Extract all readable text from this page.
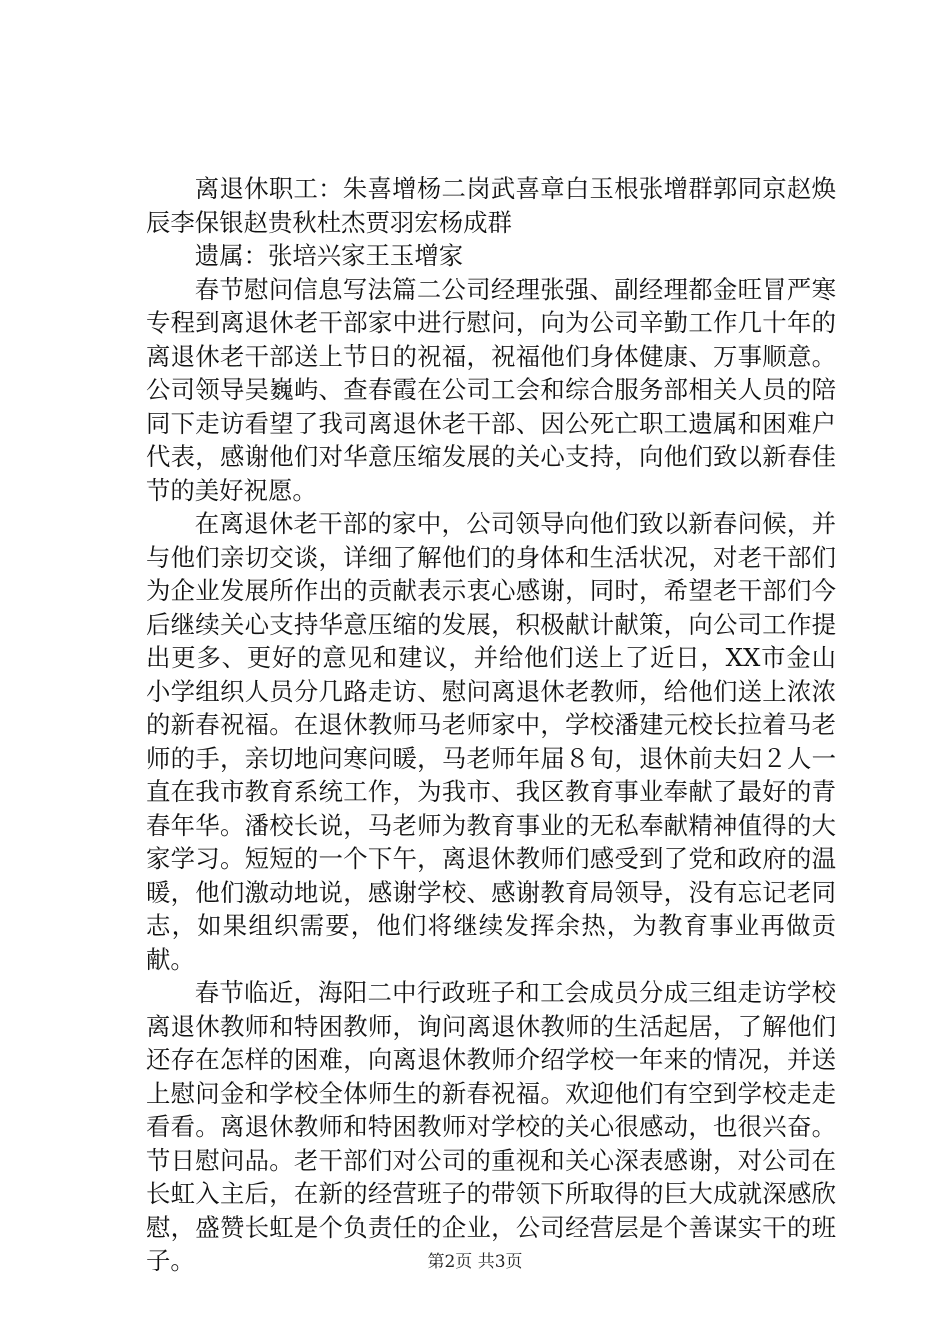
离退休职工：朱喜增杨二岗武喜章白玉根张增群郭同京赵焕辰李保银赵贵秋杜杰贾羽宏杨成群

遗属：张培兴家王玉增家

春节慰问信息写法篇二公司经理张强、副经理都金旺冒严寒专程到离退休老干部家中进行慰问，向为公司辛勤工作几十年的离退休老干部送上节日的祝福，祝福他们身体健康、万事顺意。公司领导吴巍屿、查春霞在公司工会和综合服务部相关人员的陪同下走访看望了我司离退休老干部、因公死亡职工遗属和困难户代表，感谢他们对华意压缩发展的关心支持，向他们致以新春佳节的美好祝愿。

在离退休老干部的家中，公司领导向他们致以新春问候，并与他们亲切交谈，详细了解他们的身体和生活状况，对老干部们为企业发展所作出的贡献表示衷心感谢，同时，希望老干部们今后继续关心支持华意压缩的发展，积极献计献策，向公司工作提出更多、更好的意见和建议，并给他们送上了近日，XX市金山小学组织人员分几路走访、慰问离退休老教师，给他们送上浓浓的新春祝福。在退休教师马老师家中，学校潘建元校长拉着马老师的手，亲切地问寒问暖，马老师年届８旬，退休前夫妇２人一直在我市教育系统工作，为我市、我区教育事业奉献了最好的青春年华。潘校长说，马老师为教育事业的无私奉献精神值得的大家学习。短短的一个下午，离退休教师们感受到了党和政府的温暖，他们激动地说，感谢学校、感谢教育局领导，没有忘记老同志，如果组织需要，他们将继续发挥余热，为教育事业再做贡献。

春节临近，海阳二中行政班子和工会成员分成三组走访学校离退休教师和特困教师，询问离退休教师的生活起居，了解他们还存在怎样的困难，向离退休教师介绍学校一年来的情况，并送上慰问金和学校全体师生的新春祝福。欢迎他们有空到学校走走看看。离退休教师和特困教师对学校的关心很感动，也很兴奋。节日慰问品。老干部们对公司的重视和关心深表感谢，对公司在长虹入主后，在新的经营班子的带领下所取得的巨大成就深感欣慰，盛赞长虹是个负责任的企业，公司经营层是个善谋实干的班子。	第2页 共3页
